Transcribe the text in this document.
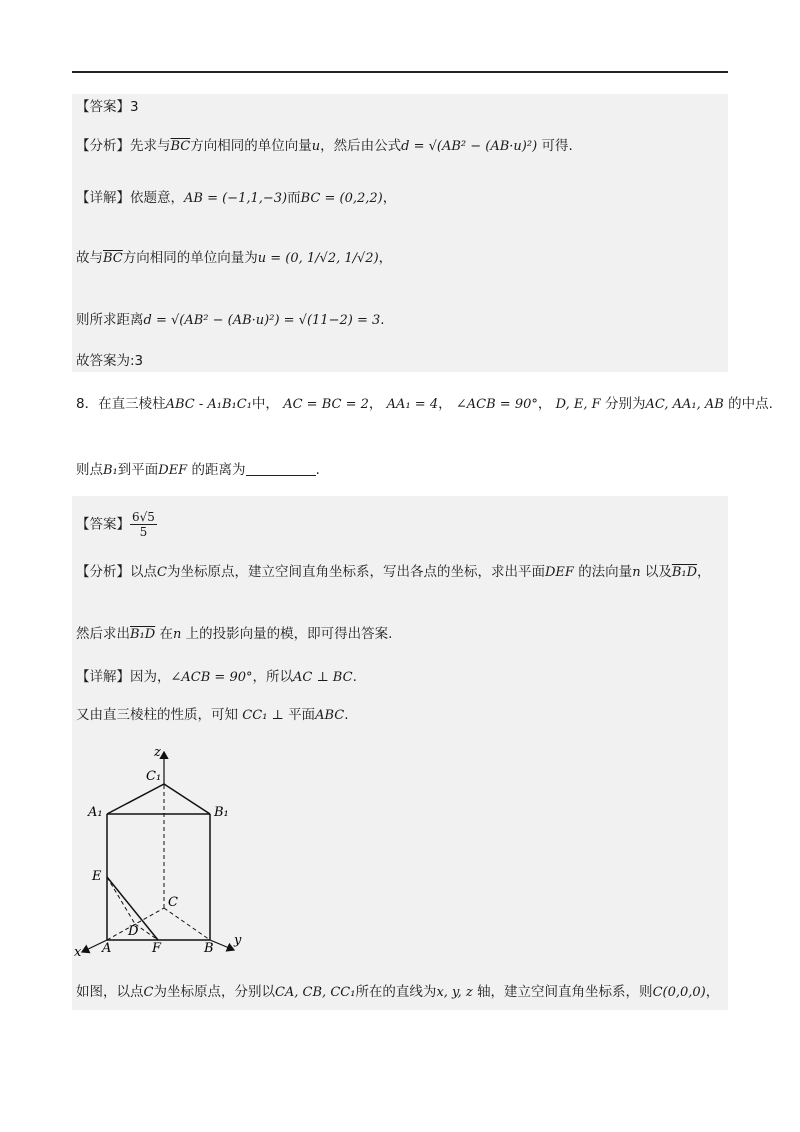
【答案】3
【分析】先求与$\overline{BC}$方向相同的单位向量u，然后由公式d = √(AB² − (AB·u)²) 可得.
【详解】依题意，AB = (−1,1,−3)而BC = (0,2,2)，
故与$\overline{BC}$方向相同的单位向量为u = (0, 1/√2, 1/√2)，
则所求距离d = √(AB² − (AB·u)²) = √(11−2) = 3.
故答案为:3
8．在直三棱柱ABC - A₁B₁C₁中， AC = BC = 2， AA₁ = 4， ∠ACB = 90°， D, E, F 分别为AC, AA₁, AB 的中点.
则点B₁到平面DEF 的距离为	.
【答案】 $\frac{6√5}{5}$
【分析】以点C为坐标原点，建立空间直角坐标系，写出各点的坐标，求出平面DEF 的法向量n 以及B₁D，
然后求出B₁D 在n 上的投影向量的模，即可得出答案.
【详解】因为，∠ACB = 90°，所以AC ⊥ BC.
又由直三棱柱的性质，可知 CC₁ ⊥ 平面ABC.
z
C₁
A₁	B₁
E
C
D
x A	F	B
y
如图，以点C为坐标原点，分别以CA, CB, CC₁所在的直线为x, y, z 轴，建立空间直角坐标系，则C(0,0,0)，
